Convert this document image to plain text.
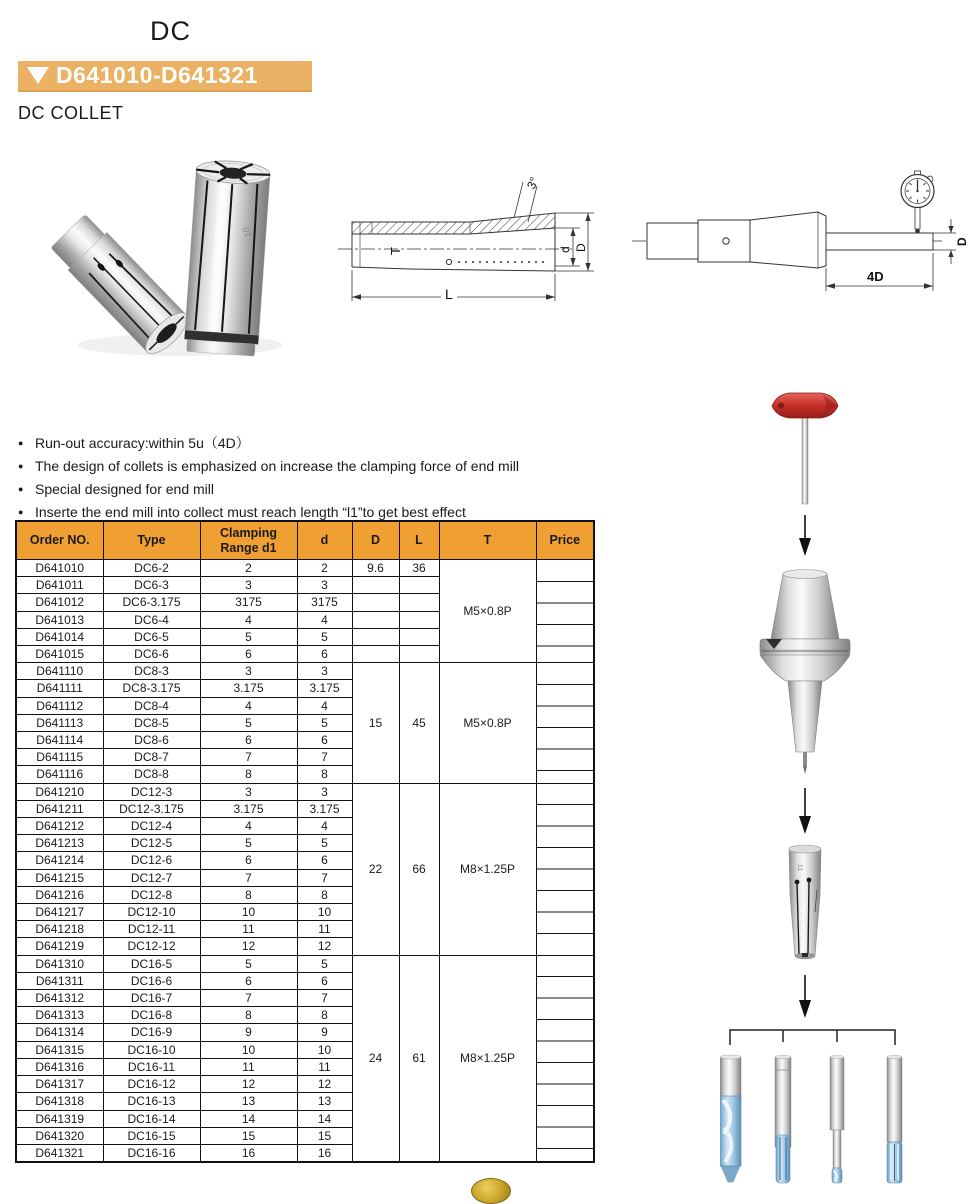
DC
D641010-D641321
DC COLLET
10
3°
T	d D
L
D
4D
● Run-out accuracy:within 5u（4D）
● The design of collets is emphasized on increase the clamping force of end mill
● Special designed for end mill
● Inserte the end mill into collect must reach length “l1”to get best effect
Order NO.	Type	Clamping Range d1	d	D	L	T	Price
D641010	DC6-2	2	2	9.6	36	M5×0.8P	
D641011	DC6-3	3	3				
D641012	DC6-3.175	3175	3175				
D641013	DC6-4	4	4				
D641014	DC6-5	5	5				
D641015	DC6-6	6	6				
D641110	DC8-3	3	3	15	45	M5×0.8P	
D641111	DC8-3.175	3.175	3.175				
D641112	DC8-4	4	4				
D641113	DC8-5	5	5				
D641114	DC8-6	6	6				
D641115	DC8-7	7	7				
D641116	DC8-8	8	8				
D641210	DC12-3	3	3	22	66	M8×1.25P	
D641211	DC12-3.175	3.175	3.175				
D641212	DC12-4	4	4				
D641213	DC12-5	5	5				
D641214	DC12-6	6	6				
D641215	DC12-7	7	7				
D641216	DC12-8	8	8				
D641217	DC12-10	10	10				
D641218	DC12-11	11	11				
D641219	DC12-12	12	12				
D641310	DC16-5	5	5	24	61	M8×1.25P	
D641311	DC16-6	6	6				
D641312	DC16-7	7	7				
D641313	DC16-8	8	8				
D641314	DC16-9	9	9				
D641315	DC16-10	10	10				
D641316	DC16-11	11	11				
D641317	DC16-12	12	12				
D641318	DC16-13	13	13				
D641319	DC16-14	14	14				
D641320	DC16-15	15	15				
D641321	DC16-16	16	16				
11
